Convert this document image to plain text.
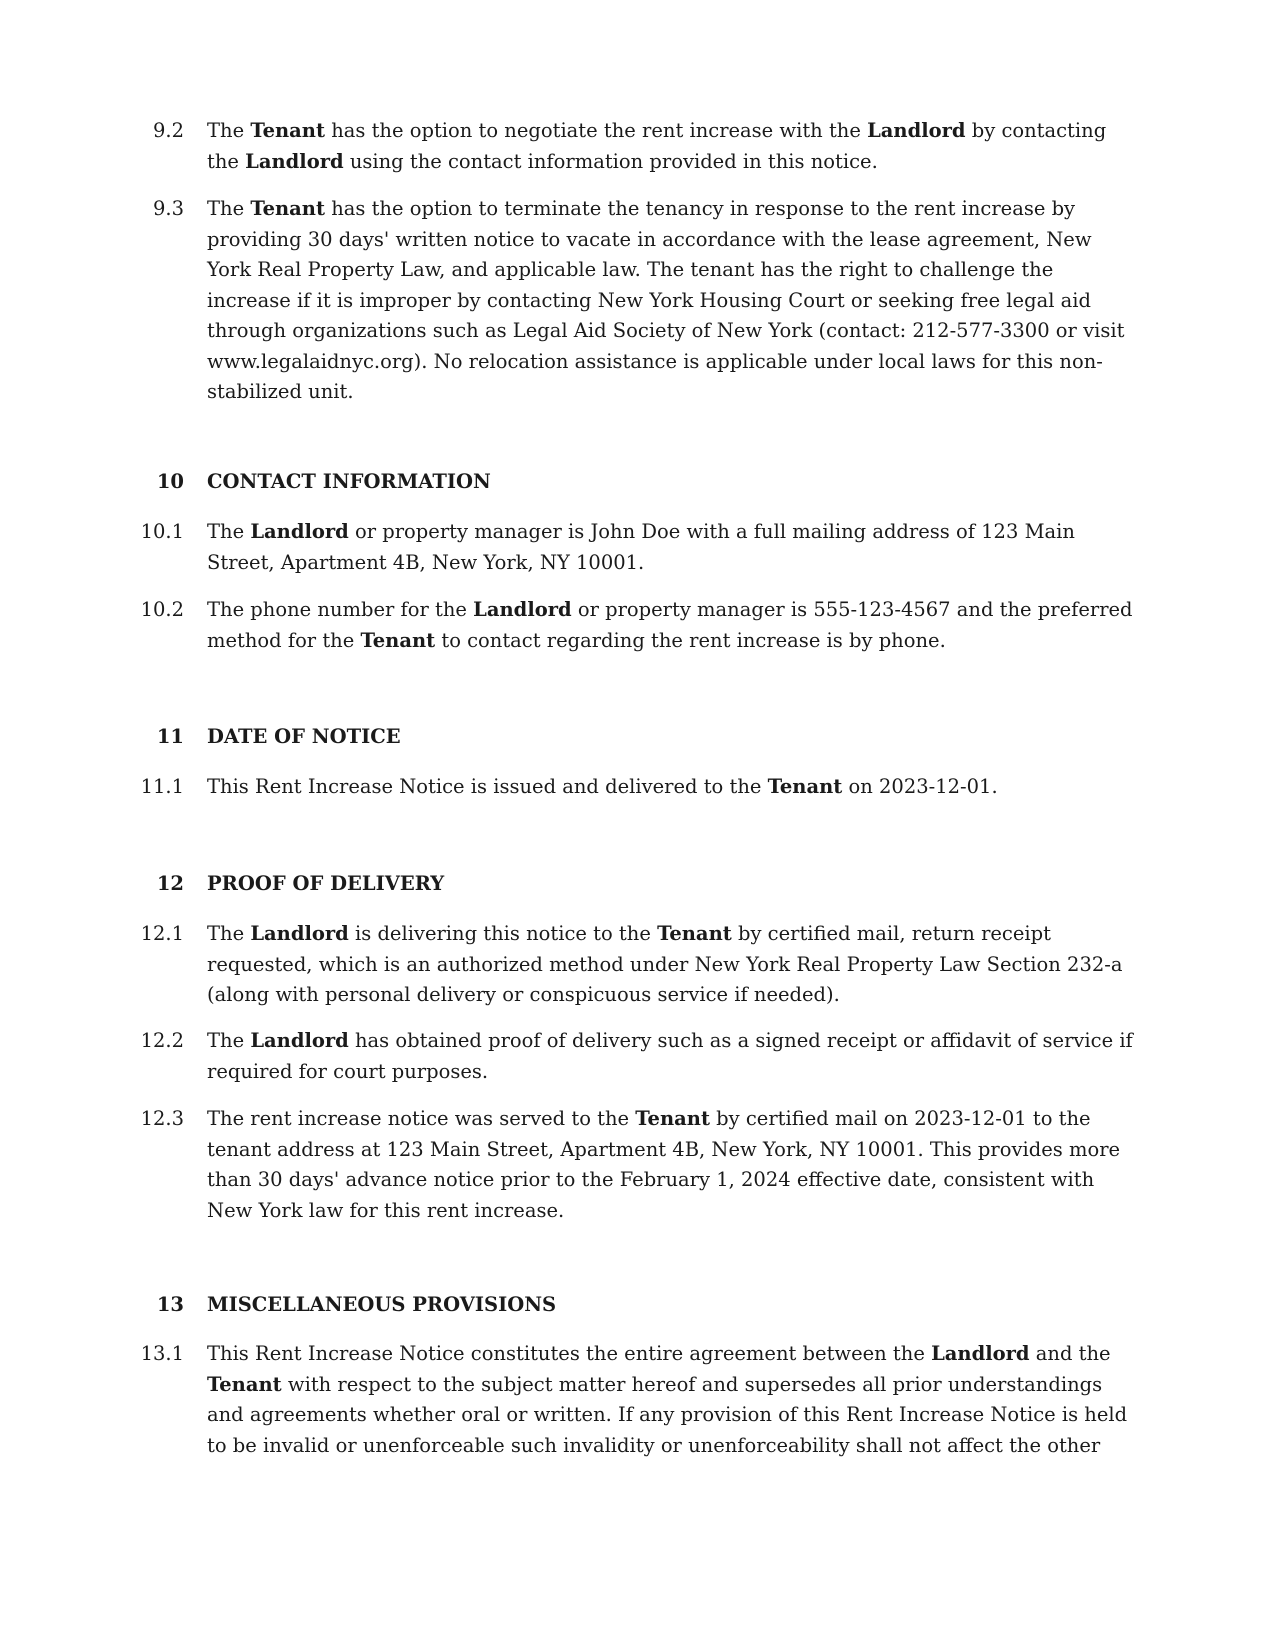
9.2 The Tenant has the option to negotiate the rent increase with the Landlord by contacting the Landlord using the contact information provided in this notice.
9.3 The Tenant has the option to terminate the tenancy in response to the rent increase by providing 30 days' written notice to vacate in accordance with the lease agreement, New York Real Property Law, and applicable law. The tenant has the right to challenge the increase if it is improper by contacting New York Housing Court or seeking free legal aid through organizations such as Legal Aid Society of New York (contact: 212-577-3300 or visit www.legalaidnyc.org). No relocation assistance is applicable under local laws for this non-stabilized unit.
10 CONTACT INFORMATION
10.1 The Landlord or property manager is John Doe with a full mailing address of 123 Main Street, Apartment 4B, New York, NY 10001.
10.2 The phone number for the Landlord or property manager is 555-123-4567 and the preferred method for the Tenant to contact regarding the rent increase is by phone.
11 DATE OF NOTICE
11.1 This Rent Increase Notice is issued and delivered to the Tenant on 2023-12-01.
12 PROOF OF DELIVERY
12.1 The Landlord is delivering this notice to the Tenant by certified mail, return receipt requested, which is an authorized method under New York Real Property Law Section 232-a (along with personal delivery or conspicuous service if needed).
12.2 The Landlord has obtained proof of delivery such as a signed receipt or affidavit of service if required for court purposes.
12.3 The rent increase notice was served to the Tenant by certified mail on 2023-12-01 to the tenant address at 123 Main Street, Apartment 4B, New York, NY 10001. This provides more than 30 days' advance notice prior to the February 1, 2024 effective date, consistent with New York law for this rent increase.
13 MISCELLANEOUS PROVISIONS
13.1 This Rent Increase Notice constitutes the entire agreement between the Landlord and the Tenant with respect to the subject matter hereof and supersedes all prior understandings and agreements whether oral or written. If any provision of this Rent Increase Notice is held to be invalid or unenforceable such invalidity or unenforceability shall not affect the other
